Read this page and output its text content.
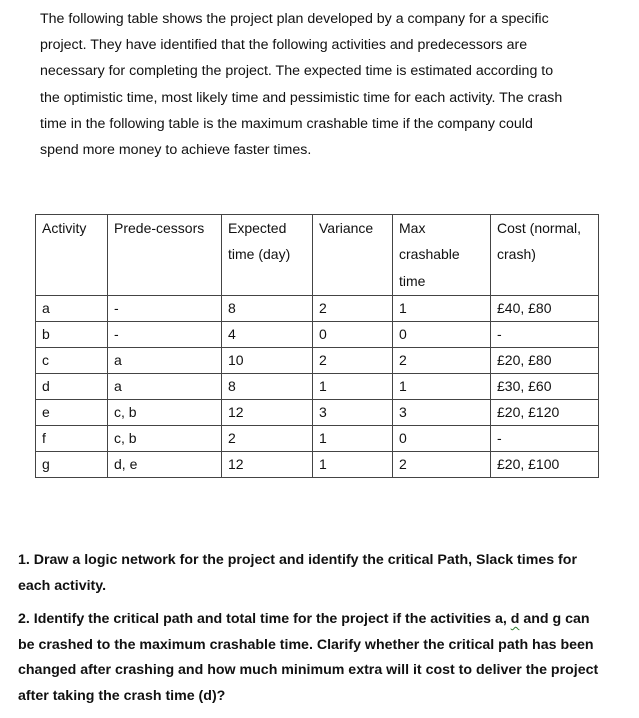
The following table shows the project plan developed by a company for a specific
project. They have identified that the following activities and predecessors are
necessary for completing the project. The expected time is estimated according to
the optimistic time, most likely time and pessimistic time for each activity. The crash
time in the following table is the maximum crashable time if the company could
spend more money to achieve faster times.
Activity	Prede-cessors	Expected time (day)	Variance	Max crashable time	Cost (normal, crash)
a	-	8	2	1	£40, £80
b	-	4	0	0	-
c	a	10	2	2	£20, £80
d	a	8	1	1	£30, £60
e	c, b	12	3	3	£20, £120
f	c, b	2	1	0	-
g	d, e	12	1	2	£20, £100
1. Draw a logic network for the project and identify the critical Path, Slack times for
each activity.
2. Identify the critical path and total time for the project if the activities a, d and g can
be crashed to the maximum crashable time. Clarify whether the critical path has been
changed after crashing and how much minimum extra will it cost to deliver the project
after taking the crash time (d)?
